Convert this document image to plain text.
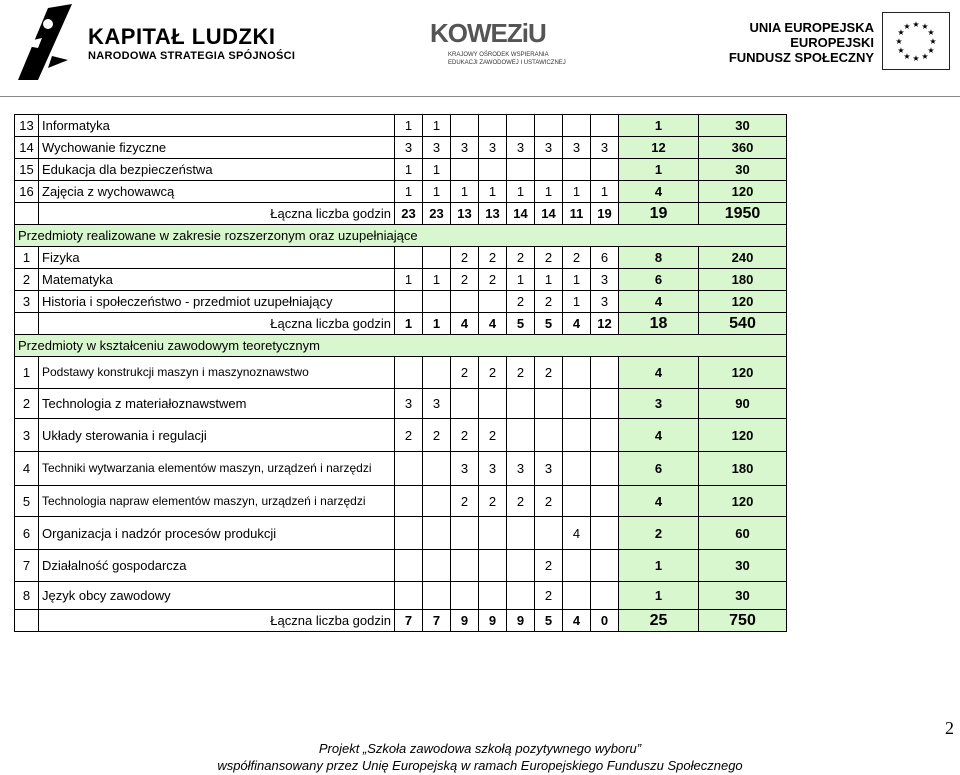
KAPITAŁ LUDZKI
NARODOWA STRATEGIA SPÓJNOŚCI
KOWEZiU
KRAJOWY OŚRODEK WSPIERANIA
EDUKACJI ZAWODOWEJ I USTAWICZNEJ
UNIA EUROPEJSKA
EUROPEJSKI
FUNDUSZ SPOŁECZNY
★ ★
★
★
★
★
★
★
★
★
★
★
13	Informatyka	1	1							1	30
14	Wychowanie fizyczne	3	3	3	3	3	3	3	3	12	360
15	Edukacja dla bezpieczeństwa	1	1							1	30
16	Zajęcia z wychowawcą	1	1	1	1	1	1	1	1	4	120
	Łączna liczba godzin	23	23	13	13	14	14	11	19	19	1950
Przedmioty realizowane w zakresie rozszerzonym oraz uzupełniające											
1	Fizyka			2	2	2	2	2	6	8	240
2	Matematyka	1	1	2	2	1	1	1	3	6	180
3	Historia i społeczeństwo - przedmiot uzupełniający					2	2	1	3	4	120
	Łączna liczba godzin	1	1	4	4	5	5	4	12	18	540
Przedmioty w kształceniu zawodowym teoretycznym											
1	Podstawy konstrukcji maszyn i maszynoznawstwo			2	2	2	2			4	120
2	Technologia z materiałoznawstwem	3	3							3	90
3	Układy sterowania i regulacji	2	2	2	2					4	120
4	Techniki wytwarzania elementów maszyn, urządzeń i narzędzi			3	3	3	3			6	180
5	Technologia napraw elementów maszyn, urządzeń i narzędzi			2	2	2	2			4	120
6	Organizacja i nadzór procesów produkcji							4		2	60
7	Działalność gospodarcza						2			1	30
8	Język obcy zawodowy						2			1	30
	Łączna liczba godzin	7	7	9	9	9	5	4	0	25	750
2
Projekt „Szkoła zawodowa szkołą pozytywnego wyboru”
współfinansowany przez Unię Europejską w ramach Europejskiego Funduszu Społecznego
